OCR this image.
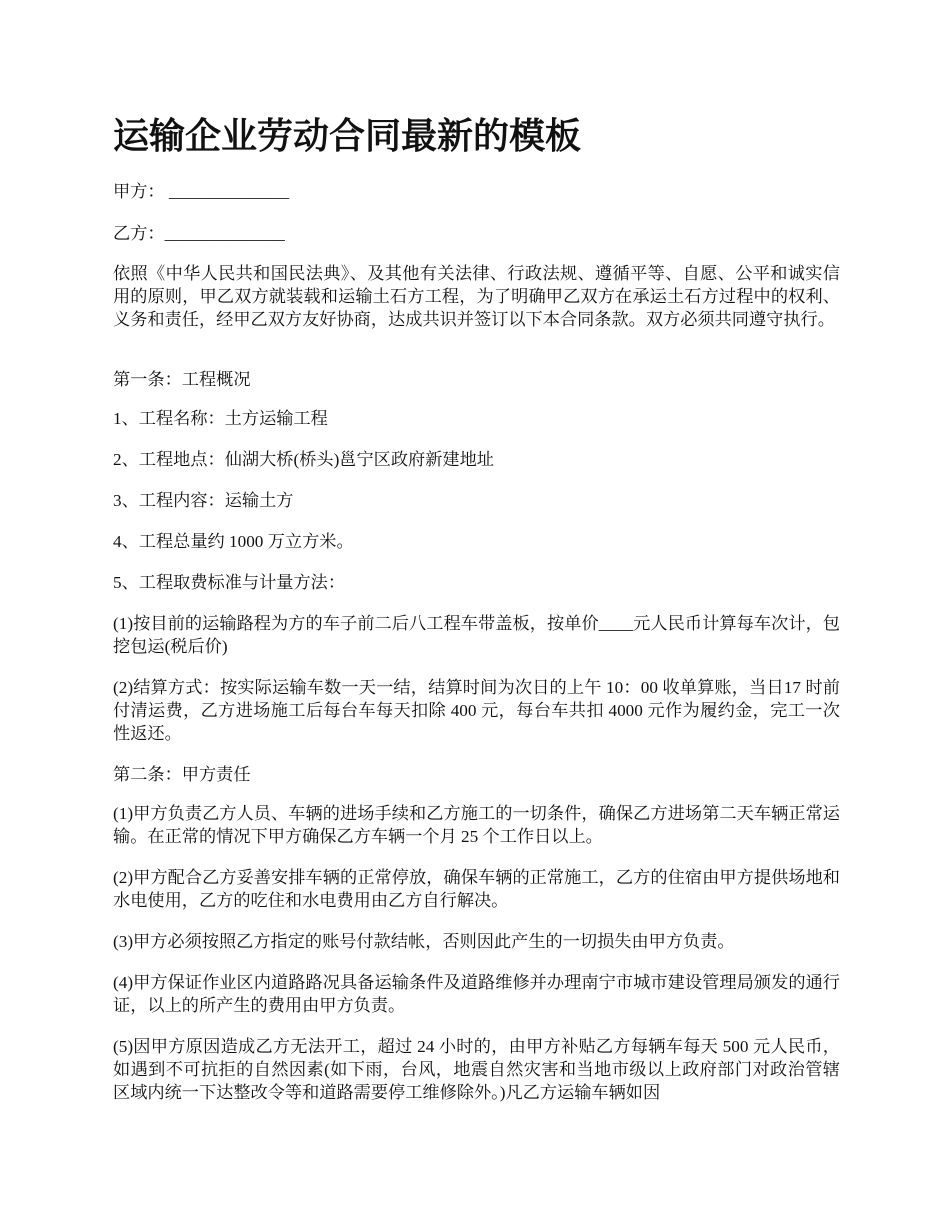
运输企业劳动合同最新的模板

甲方： ______________

乙方：______________

依照《中华人民共和国民法典》、及其他有关法律、行政法规、遵循平等、自愿、公平和诚实信用的原则，甲乙双方就装载和运输土石方工程，为了明确甲乙双方在承运土石方过程中的权利、义务和责任，经甲乙双方友好协商，达成共识并签订以下本合同条款。双方必须共同遵守执行。

第一条：工程概况

1、工程名称：土方运输工程

2、工程地点：仙湖大桥(桥头)邕宁区政府新建地址

3、工程内容：运输土方

4、工程总量约 1000 万立方米。

5、工程取费标准与计量方法：

(1)按目前的运输路程为方的车子前二后八工程车带盖板，按单价____元人民币计算每车次计，包挖包运(税后价)

(2)结算方式：按实际运输车数一天一结，结算时间为次日的上午 10：00 收单算账，当日17 时前付清运费，乙方进场施工后每台车每天扣除 400 元，每台车共扣 4000 元作为履约金，完工一次性返还。

第二条：甲方责任

(1)甲方负责乙方人员、车辆的进场手续和乙方施工的一切条件，确保乙方进场第二天车辆正常运输。在正常的情况下甲方确保乙方车辆一个月 25 个工作日以上。

(2)甲方配合乙方妥善安排车辆的正常停放，确保车辆的正常施工，乙方的住宿由甲方提供场地和水电使用，乙方的吃住和水电费用由乙方自行解决。

(3)甲方必须按照乙方指定的账号付款结帐，否则因此产生的一切损失由甲方负责。

(4)甲方保证作业区内道路路况具备运输条件及道路维修并办理南宁市城市建设管理局颁发的通行证，以上的所产生的费用由甲方负责。

(5)因甲方原因造成乙方无法开工，超过 24 小时的，由甲方补贴乙方每辆车每天 500 元人民币，如遇到不可抗拒的自然因素(如下雨，台风，地震自然灾害和当地市级以上政府部门对政治管辖区域内统一下达整改令等和道路需要停工维修除外。)凡乙方运输车辆如因
